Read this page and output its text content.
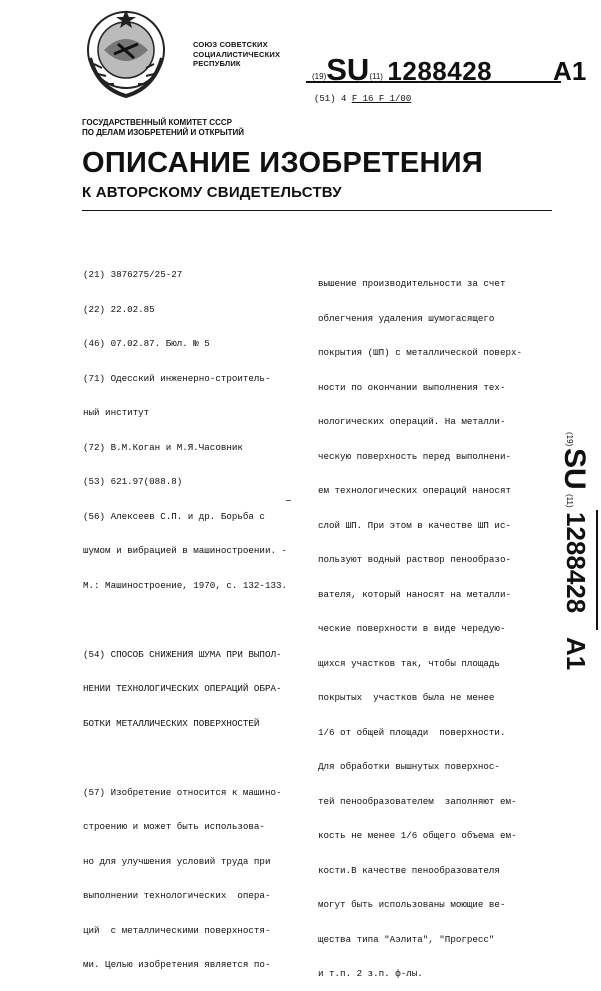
СОЮЗ СОВЕТСКИХ
СОЦИАЛИСТИЧЕСКИХ
РЕСПУБЛИК
(19)SU(11) 1288428 A1
(51) 4 F 16 F 1/00
ГОСУДАРСТВЕННЫЙ КОМИТЕТ СССР
ПО ДЕЛАМ ИЗОБРЕТЕНИЙ И ОТКРЫТИЙ
ОПИСАНИЕ ИЗОБРЕТЕНИЯ
К АВТОРСКОМУ СВИДЕТЕЛЬСТВУ

(21) 3876275/25-27

(22) 22.02.85

(46) 07.02.87. Бюл. № 5

(71) Одесский инженерно-строитель-

ный институт

(72) В.М.Коган и М.Я.Часовник

(53) 621.97(088.8)

(56) Алексеев С.П. и др. Борьба с

шумом и вибрацией в машиностроении. -

М.: Машиностроение, 1970, с. 132-133.

(54) СПОСОБ СНИЖЕНИЯ ШУМА ПРИ ВЫПОЛ-

НЕНИИ ТЕХНОЛОГИЧЕСКИХ ОПЕРАЦИЙ ОБРА-

БОТКИ МЕТАЛЛИЧЕСКИХ ПОВЕРХНОСТЕЙ

(57) Изобретение относится к машино-

строению и может быть использова-

но для улучшения условий труда при

выполнении технологических  опера-

ций  с металлическими поверхностя-

ми. Целью изобретения является по-

вышение производительности за счет

облегчения удаления шумогасящего

покрытия (ШП) с металлической поверх-

ности по окончании выполнения тех-

нологических операций. На металли-

ческую поверхность перед выполнени-

ем технологических операций наносят

слой ШП. При этом в качестве ШП ис-

пользуют водный раствор пенообразо-

вателя, который наносят на металли-

ческие поверхности в виде чередую-

щихся участков так, чтобы площадь

покрытых  участков была не менее

1/6 от общей площади  поверхности.

Для обработки вышнутых поверхнос-

тей пенообразователем  заполняют ем-

кость не менее 1/6 общего объема ем-

кости.В качестве пенообразователя

могут быть использованы моющие ве-

щества типа "Аэлита", "Прогресс"

и т.п. 2 з.п. ф-лы.

(19)
SU
(11)
1288428
A1
